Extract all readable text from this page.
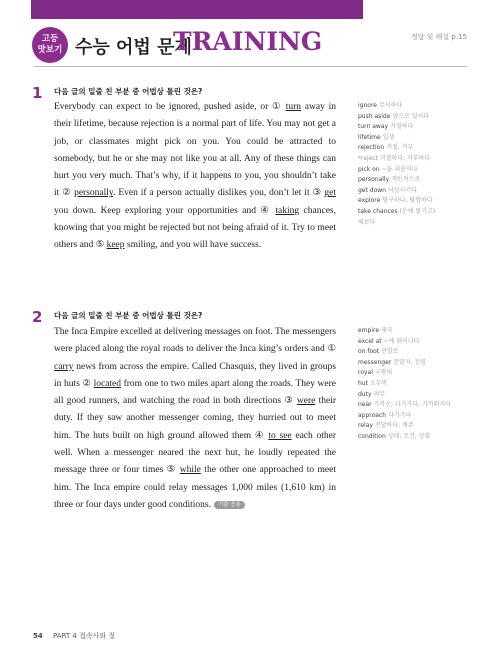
고등
맛보기 수능 어법 문제
TRAINING	정답 및 해설 p.15
1 다음 글의 밑줄 친 부분 중 어법상 틀린 것은?

Everybody can expect to be ignored, pushed aside, or ① turn away in their lifetime, because rejection is a normal part of life. You may not get a job, or classmates might pick on you. You could be attracted to somebody, but he or she may not like you at all. Any of these things can hurt you very much. That’s why, if it happens to you, you shouldn’t take it ② personally. Even if a person actually dislikes you, don’t let it ③ get you down. Keep exploring your opportunities and ④ taking chances, knowing that you might be rejected but not being afraid of it. Try to meet others and ⑤ keep smiling, and you will have success.

ignore 무시하다
push aside 옆으로 밀치다
turn away 거절하다
lifetime 일생
rejection 거절, 거부
*reject 거절하다, 거부하다
pick on ~을 괴롭히다
personally 개인적으로
get down 낙심시키다
explore 탐구하다; 탐험하다
take chances (운에 맡기고)
해보다
2 다음 글의 밑줄 친 부분 중 어법상 틀린 것은?

The Inca Empire excelled at delivering messages on foot. The messengers were placed along the royal roads to deliver the Inca king’s orders and ① carry news from across the empire. Called Chasquis, they lived in groups in huts ② located from one to two miles apart along the roads. They were all good runners, and watching the road in both directions ③ were their duty. If they saw another messenger coming, they hurried out to meet him. The huts built on high ground allowed them ④ to see each other well. When a messenger neared the next hut, he loudly repeated the message three or four times ⑤ while the other one approached to meet him. The Inca empire could relay messages 1,000 miles (1,610 km) in three or four days under good conditions. 기출 응용

empire 제국
excel at ~에 뛰어나다
on foot 연발로
messenger 전달자, 전령
royal 국왕의
hut 오두막
duty 의무
near 가까운; 다가가다, 가까워지다
approach 다가가다
relay 전달하다; 계주
condition 상태; 조건; 상황
54 PART 4 접속사와 절
